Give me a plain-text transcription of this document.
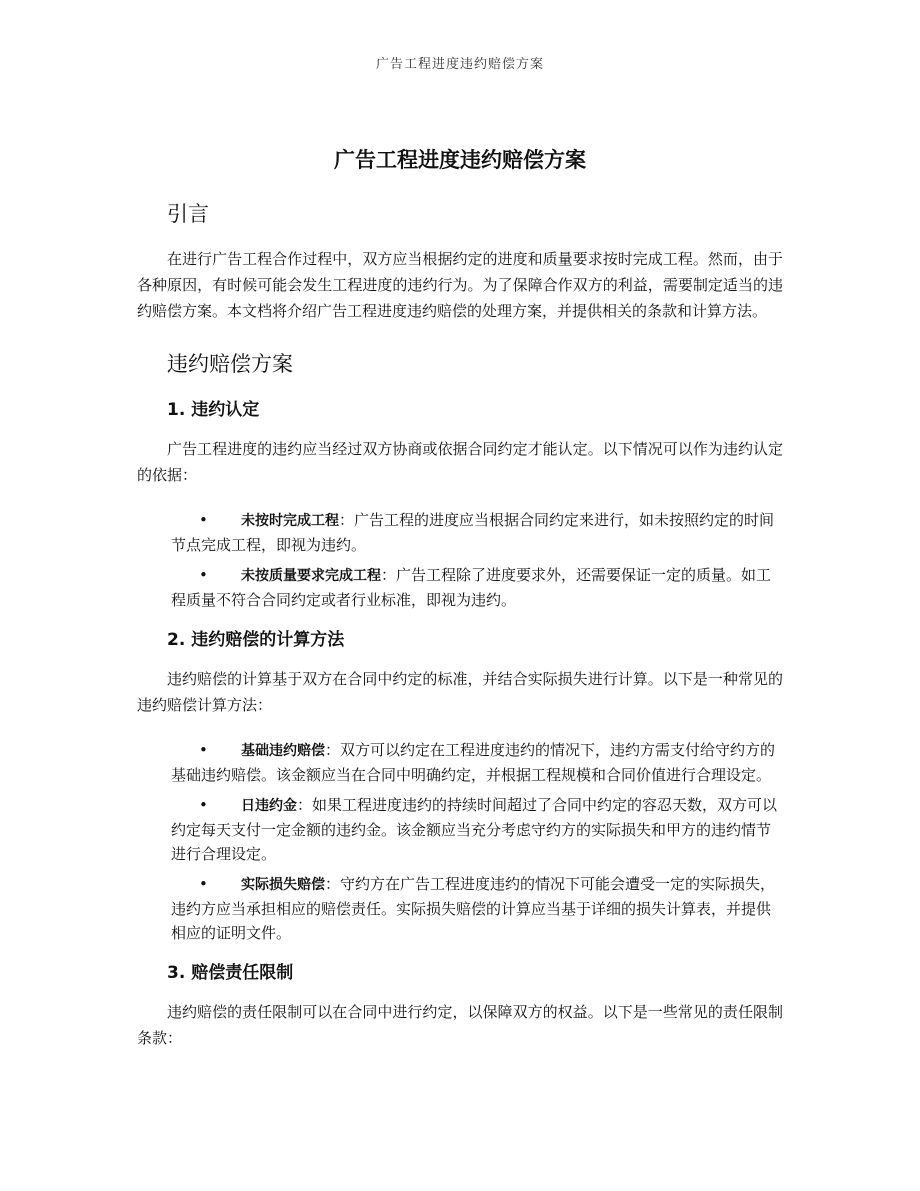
广告工程进度违约赔偿方案
广告工程进度违约赔偿方案
引言

在进行广告工程合作过程中，双方应当根据约定的进度和质量要求按时完成工程。然而，由于各种原因，有时候可能会发生工程进度的违约行为。为了保障合作双方的利益，需要制定适当的违约赔偿方案。本文档将介绍广告工程进度违约赔偿的处理方案，并提供相关的条款和计算方法。

违约赔偿方案
1. 违约认定

广告工程进度的违约应当经过双方协商或依据合同约定才能认定。以下情况可以作为违约认定的依据：

• 未按时完成工程：广告工程的进度应当根据合同约定来进行，如未按照约定的时间节点完成工程，即视为违约。
• 未按质量要求完成工程：广告工程除了进度要求外，还需要保证一定的质量。如工程质量不符合合同约定或者行业标准，即视为违约。
2. 违约赔偿的计算方法

违约赔偿的计算基于双方在合同中约定的标准，并结合实际损失进行计算。以下是一种常见的违约赔偿计算方法：

• 基础违约赔偿：双方可以约定在工程进度违约的情况下，违约方需支付给守约方的基础违约赔偿。该金额应当在合同中明确约定，并根据工程规模和合同价值进行合理设定。
• 日违约金：如果工程进度违约的持续时间超过了合同中约定的容忍天数，双方可以约定每天支付一定金额的违约金。该金额应当充分考虑守约方的实际损失和甲方的违约情节进行合理设定。
• 实际损失赔偿：守约方在广告工程进度违约的情况下可能会遭受一定的实际损失，违约方应当承担相应的赔偿责任。实际损失赔偿的计算应当基于详细的损失计算表，并提供相应的证明文件。
3. 赔偿责任限制

违约赔偿的责任限制可以在合同中进行约定，以保障双方的权益。以下是一些常见的责任限制条款：
